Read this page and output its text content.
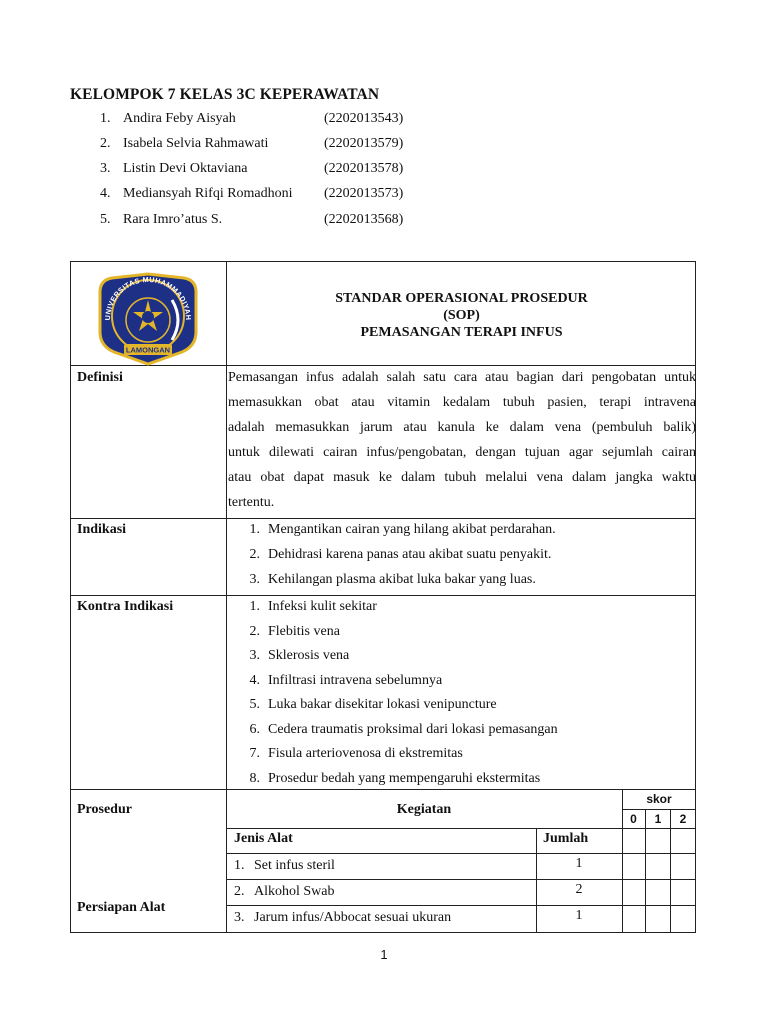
KELOMPOK 7 KELAS 3C KEPERAWATAN
1. Andira Feby Aisyah	(2202013543)
2. Isabela Selvia Rahmawati	(2202013579)
3. Listin Devi Oktaviana	(2202013578)
4. Mediansyah Rifqi Romadhoni (2202013573)
5. Rara Imro’atus S.	(2202013568)
UNIVERSITAS MUHAMMADIYAH
LAMONGAN
STANDAR OPERASIONAL PROSEDUR
(SOP)
PEMASANGAN TERAPI INFUS
Definisi	Pemasangan infus adalah salah satu cara atau bagian dari pengobatan untuk
memasukkan obat atau vitamin kedalam tubuh pasien, terapi intravena
adalah memasukkan jarum atau kanula ke dalam vena (pembuluh balik)
untuk dilewati cairan infus/pengobatan, dengan tujuan agar sejumlah cairan
atau obat dapat masuk ke dalam tubuh melalui vena dalam jangka waktu
tertentu.
Indikasi	1. Mengantikan cairan yang hilang akibat perdarahan.
2. Dehidrasi karena panas atau akibat suatu penyakit.
3. Kehilangan plasma akibat luka bakar yang luas.
Kontra Indikasi	1. Infeksi kulit sekitar
2. Flebitis vena
3. Sklerosis vena
4. Infiltrasi intravena sebelumnya
5. Luka bakar disekitar lokasi venipuncture
6. Cedera traumatis proksimal dari lokasi pemasangan
7. Fisula arteriovenosa di ekstremitas
8. Prosedur bedah yang mempengaruhi ekstermitas
Prosedur	Kegiatan
skor
0	1	2
Persiapan Alat
Jenis Alat	Jumlah
1. Set infus steril	1
2. Alkohol Swab	2
3. Jarum infus/Abbocat sesuai ukuran	1
1
